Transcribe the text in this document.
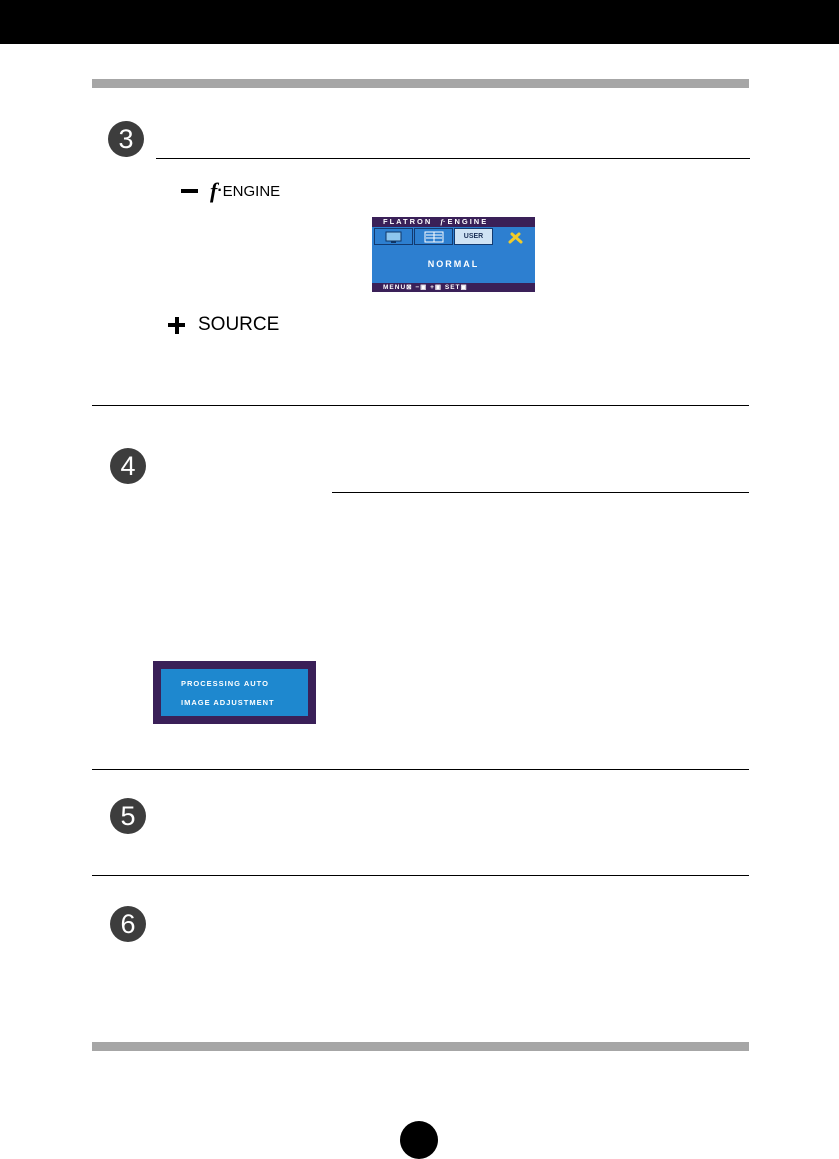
3
f · ENGINE
FLATRON f·ENGINE
USER
NORMAL
MENU⊠ −▣ +▣ SET▣
SOURCE
4
PROCESSING AUTO
IMAGE ADJUSTMENT
5
6
